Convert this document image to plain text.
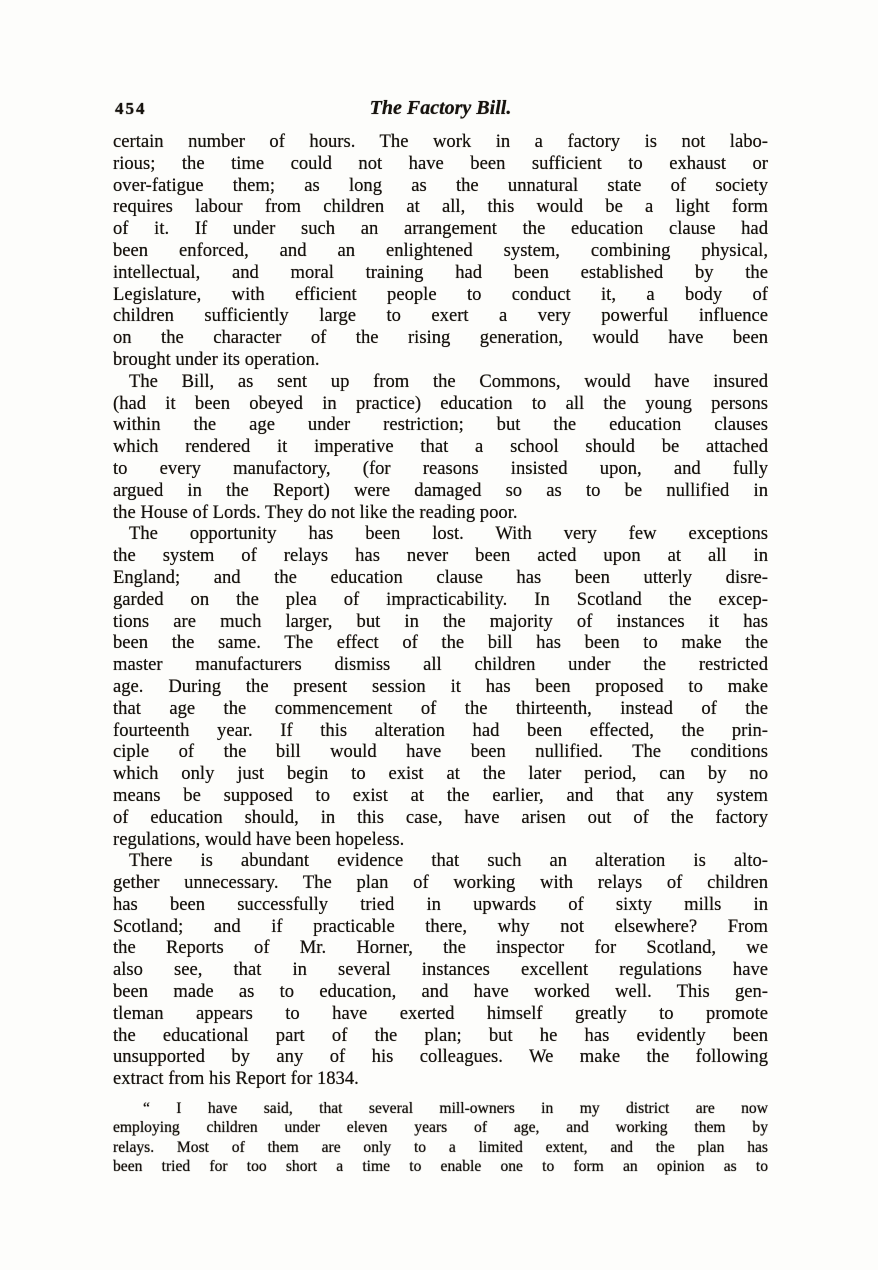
454	The Factory Bill.
certain number of hours. The work in a factory is not labo-
rious; the time could not have been sufficient to exhaust or
over-fatigue them; as long as the unnatural state of society
requires labour from children at all, this would be a light form
of it. If under such an arrangement the education clause had
been enforced, and an enlightened system, combining physical,
intellectual, and moral training had been established by the
Legislature, with efficient people to conduct it, a body of
children sufficiently large to exert a very powerful influence
on the character of the rising generation, would have been
brought under its operation.
The Bill, as sent up from the Commons, would have insured
(had it been obeyed in practice) education to all the young persons
within the age under restriction; but the education clauses
which rendered it imperative that a school should be attached
to every manufactory, (for reasons insisted upon, and fully
argued in the Report) were damaged so as to be nullified in
the House of Lords. They do not like the reading poor.
The opportunity has been lost. With very few exceptions
the system of relays has never been acted upon at all in
England; and the education clause has been utterly disre-
garded on the plea of impracticability. In Scotland the excep-
tions are much larger, but in the majority of instances it has
been the same. The effect of the bill has been to make the
master manufacturers dismiss all children under the restricted
age. During the present session it has been proposed to make
that age the commencement of the thirteenth, instead of the
fourteenth year. If this alteration had been effected, the prin-
ciple of the bill would have been nullified. The conditions
which only just begin to exist at the later period, can by no
means be supposed to exist at the earlier, and that any system
of education should, in this case, have arisen out of the factory
regulations, would have been hopeless.
There is abundant evidence that such an alteration is alto-
gether unnecessary. The plan of working with relays of children
has been successfully tried in upwards of sixty mills in
Scotland; and if practicable there, why not elsewhere? From
the Reports of Mr. Horner, the inspector for Scotland, we
also see, that in several instances excellent regulations have
been made as to education, and have worked well. This gen-
tleman appears to have exerted himself greatly to promote
the educational part of the plan; but he has evidently been
unsupported by any of his colleagues. We make the following
extract from his Report for 1834.
“ I have said, that several mill-owners in my district are now
employing children under eleven years of age, and working them by
relays. Most of them are only to a limited extent, and the plan has
been tried for too short a time to enable one to form an opinion as to
